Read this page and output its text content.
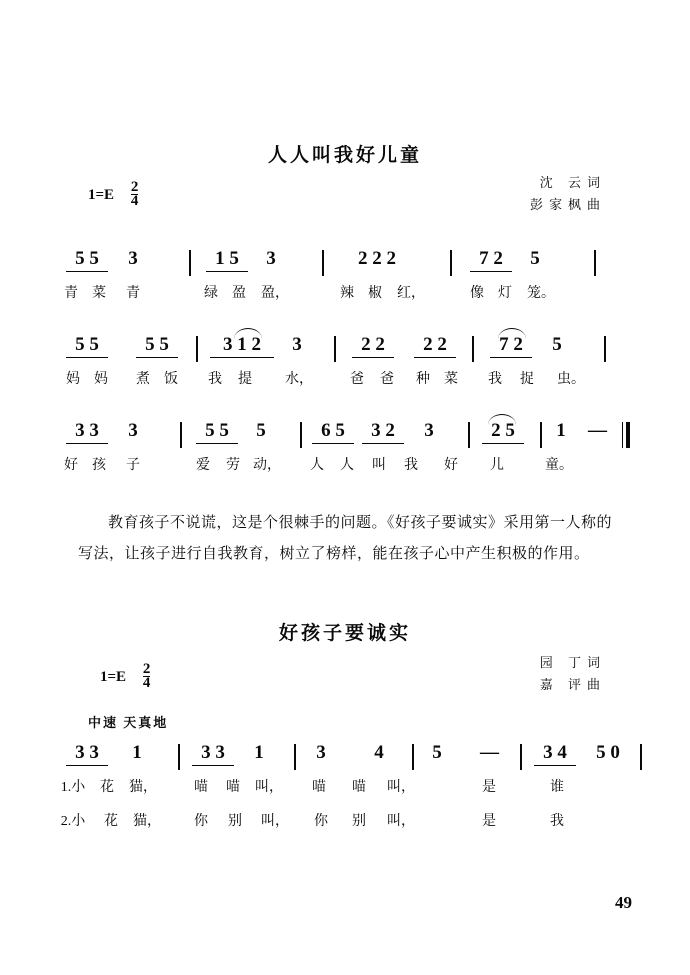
人人叫我好儿童
沈 云词
彭家枫曲
$1=E \frac{2}{4}$
5 5	3	1 5	3	2 2 2	7 2	5
青 菜 青	绿 盈 盈，	辣 椒 红，	像 灯 笼。
5 5	5 5	3 1 2	3	2 2	2 2	7 2	5
妈 妈 煮 饭 我 提 水，	爸 爸 种 菜 我 捉 虫。
3 3	3	5 5	5	6 5	3 2	3	2 5	1 —
好 孩 子	爱 劳 动， 人 人 叫 我 好 儿	童。
教育孩子不说谎，这是个很棘手的问题。《好孩子要诚实》采用第一人称的写法，让孩子进行自我教育，树立了榜样，能在孩子心中产生积极的作用。
好孩子要诚实
园 丁词
嘉 评曲
$1=E \frac{2}{4}$
中速 天真地
3 3	1	3 3	1	3	4	5 —	3 4	5 0
1.小	花 猫，	喵 喵 叫， 喵 喵 叫，	是	谁
2.小	花 猫， 你 别 叫， 你 别 叫，	是	我
49
